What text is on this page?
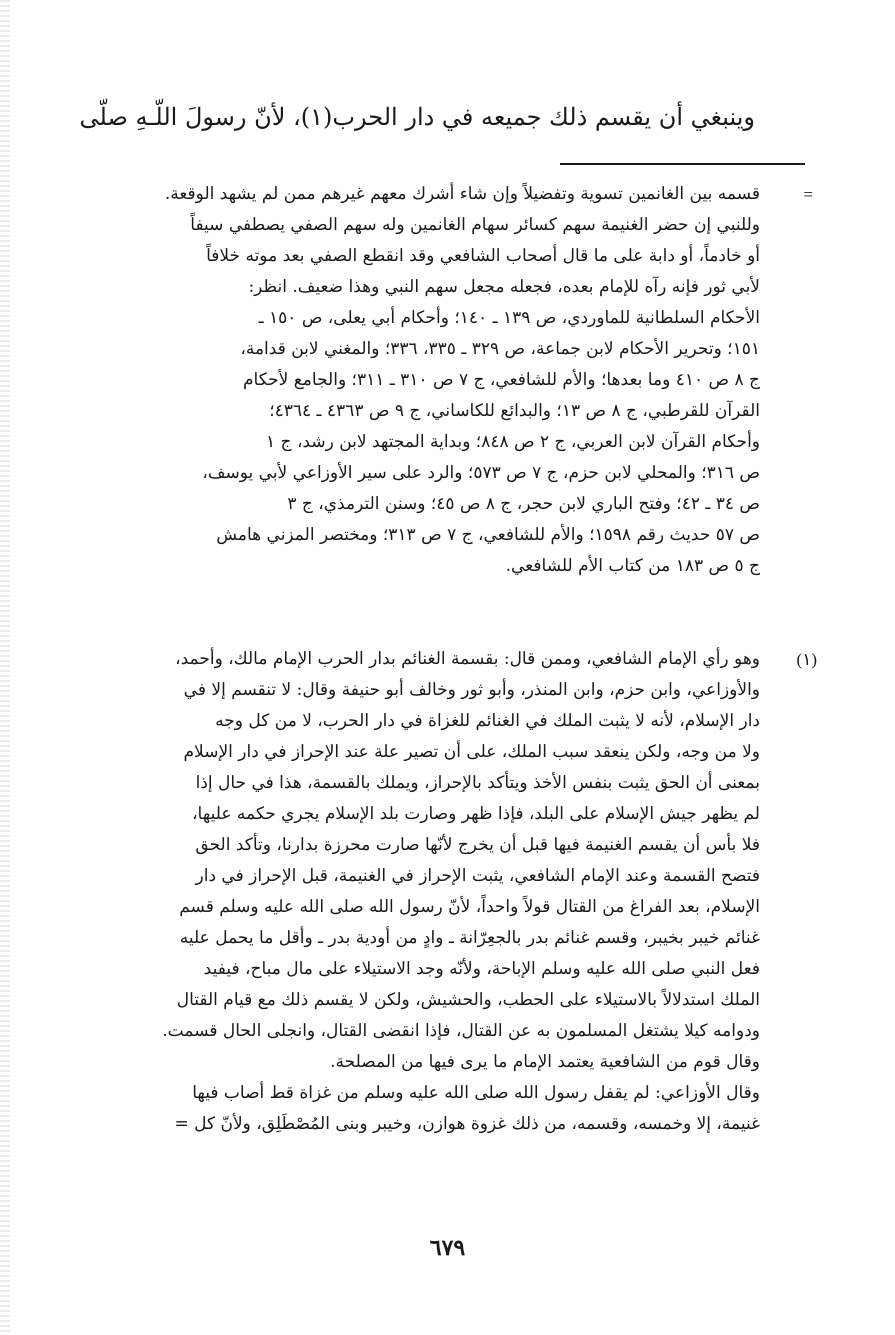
وينبغي أن يقسم ذلك جميعه في دار الحرب(١)، لأنّ رسولَ اللّـهِ صلّى
=
قسمه بين الغانمين تسوية وتفضيلاً وإن شاء أشرك معهم غيرهم ممن لم يشهد الوقعة.
وللنبي إن حضر الغنيمة سهم كسائر سهام الغانمين وله سهم الصفي يصطفي سيفاً
أو خادماً، أو دابة على ما قال أصحاب الشافعي وقد انقطع الصفي بعد موته خلافاً
لأبي ثور فإنه رآه للإمام بعده، فجعله مجعل سهم النبي وهذا ضعيف. انظر:
الأحكام السلطانية للماوردي، ص ١٣٩ ـ ١٤٠؛ وأحكام أبي يعلى، ص ١٥٠ ـ
١٥١؛ وتحرير الأحكام لابن جماعة، ص ٣٢٩ ـ ٣٣٥، ٣٣٦؛ والمغني لابن قدامة،
ج ٨ ص ٤١٠ وما بعدها؛ والأم للشافعي، ج ٧ ص ٣١٠ ـ ٣١١؛ والجامع لأحكام
القرآن للقرطبي، ج ٨ ص ١٣؛ والبدائع للكاساني، ج ٩ ص ٤٣٦٣ ـ ٤٣٦٤؛
وأحكام القرآن لابن العربي، ج ٢ ص ٨٤٨؛ وبداية المجتهد لابن رشد، ج ١
ص ٣١٦؛ والمحلي لابن حزم، ج ٧ ص ٥٧٣؛ والرد على سير الأوزاعي لأبي يوسف،
ص ٣٤ ـ ٤٢؛ وفتح الباري لابن حجر، ج ٨ ص ٤٥؛ وسنن الترمذي، ج ٣
ص ٥٧ حديث رقم ١٥٩٨؛ والأم للشافعي، ج ٧ ص ٣١٣؛ ومختصر المزني هامش
ج ٥ ص ١٨٣ من كتاب الأم للشافعي.
(١)
وهو رأي الإمام الشافعي، وممن قال: بقسمة الغنائم بدار الحرب الإمام مالك، وأحمد،
والأوزاعي، وابن حزم، وابن المنذر، وأبو ثور وخالف أبو حنيفة وقال: لا تنقسم إلا في
دار الإسلام، لأنه لا يثبت الملك في الغنائم للغزاة في دار الحرب، لا من كل وجه
ولا من وجه، ولكن ينعقد سبب الملك، على أن تصير علة عند الإحراز في دار الإسلام
بمعنى أن الحق يثبت بنفس الأخذ ويتأكد بالإحراز، ويملك بالقسمة، هذا في حال إذا
لم يظهر جيش الإسلام على البلد، فإذا ظهر وصارت بلد الإسلام يجري حكمه عليها،
فلا بأس أن يقسم الغنيمة فيها قبل أن يخرج لأنّها صارت محرزة بدارنا، وتأكد الحق
فتصح القسمة وعند الإمام الشافعي، يثبت الإحراز في الغنيمة، قبل الإحراز في دار
الإسلام، بعد الفراغ من القتال قولاً واحداً، لأنّ رسول الله صلى الله عليه وسلم قسم
غنائم خيبر بخيبر، وقسم غنائم بدر بالجعِرّانة ـ وادٍ من أودية بدر ـ وأقل ما يحمل عليه
فعل النبي صلى الله عليه وسلم الإباحة، ولأنّه وجد الاستيلاء على مال مباح، فيفيد
الملك استدلالاً بالاستيلاء على الحطب، والحشيش، ولكن لا يقسم ذلك مع قيام القتال
ودوامه كيلا يشتغل المسلمون به عن القتال، فإذا انقضى القتال، وانجلى الحال قسمت.
وقال قوم من الشافعية يعتمد الإمام ما يرى فيها من المصلحة.
وقال الأوزاعي: لم يقفل رسول الله صلى الله عليه وسلم من غزاة قط أصاب فيها
غنيمة، إلا وخمسه، وقسمه، من ذلك غزوة هوازن، وخيبر وبنى المُصْطَلِق، ولأنّ كل =
٦٧٩
